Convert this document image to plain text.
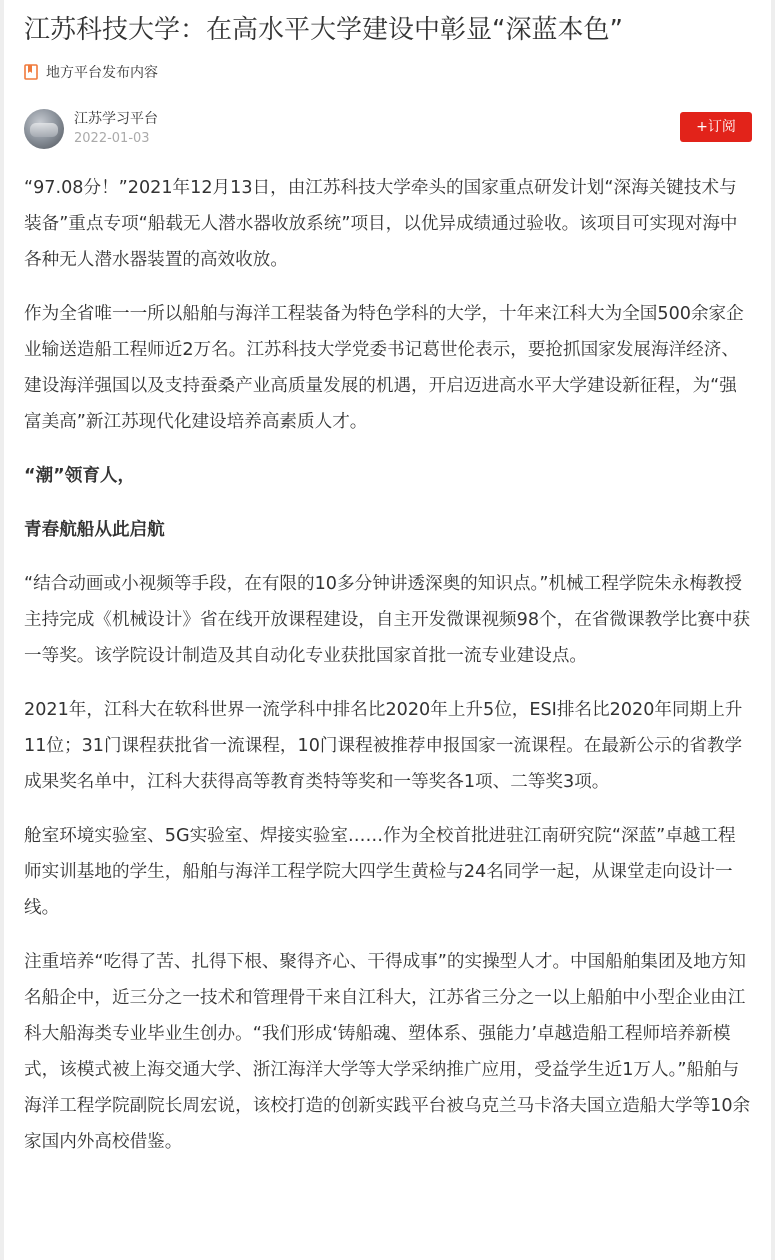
江苏科技大学：在高水平大学建设中彰显“深蓝本色”
地方平台发布内容
江苏学习平台
2022-01-03
+订阅

“97.08分！”2021年12月13日，由江苏科技大学牵头的国家重点研发计划“深海关键技术与装备”重点专项“船载无人潜水器收放系统”项目，以优异成绩通过验收。该项目可实现对海中各种无人潜水器装置的高效收放。

作为全省唯一一所以船舶与海洋工程装备为特色学科的大学，十年来江科大为全国500余家企业输送造船工程师近2万名。江苏科技大学党委书记葛世伦表示，要抢抓国家发展海洋经济、建设海洋强国以及支持蚕桑产业高质量发展的机遇，开启迈进高水平大学建设新征程，为“强富美高”新江苏现代化建设培养高素质人才。

“潮”领育人，

青春航船从此启航

“结合动画或小视频等手段，在有限的10多分钟讲透深奥的知识点。”机械工程学院朱永梅教授主持完成《机械设计》省在线开放课程建设，自主开发微课视频98个，在省微课教学比赛中获一等奖。该学院设计制造及其自动化专业获批国家首批一流专业建设点。

2021年，江科大在软科世界一流学科中排名比2020年上升5位，ESI排名比2020年同期上升11位；31门课程获批省一流课程，10门课程被推荐申报国家一流课程。在最新公示的省教学成果奖名单中，江科大获得高等教育类特等奖和一等奖各1项、二等奖3项。

舱室环境实验室、5G实验室、焊接实验室……作为全校首批进驻江南研究院“深蓝”卓越工程师实训基地的学生，船舶与海洋工程学院大四学生黄检与24名同学一起，从课堂走向设计一线。

注重培养“吃得了苦、扎得下根、聚得齐心、干得成事”的实操型人才。中国船舶集团及地方知名船企中，近三分之一技术和管理骨干来自江科大，江苏省三分之一以上船舶中小型企业由江科大船海类专业毕业生创办。“我们形成‘铸船魂、塑体系、强能力’卓越造船工程师培养新模式，该模式被上海交通大学、浙江海洋大学等大学采纳推广应用，受益学生近1万人。”船舶与海洋工程学院副院长周宏说，该校打造的创新实践平台被乌克兰马卡洛夫国立造船大学等10余家国内外高校借鉴。
